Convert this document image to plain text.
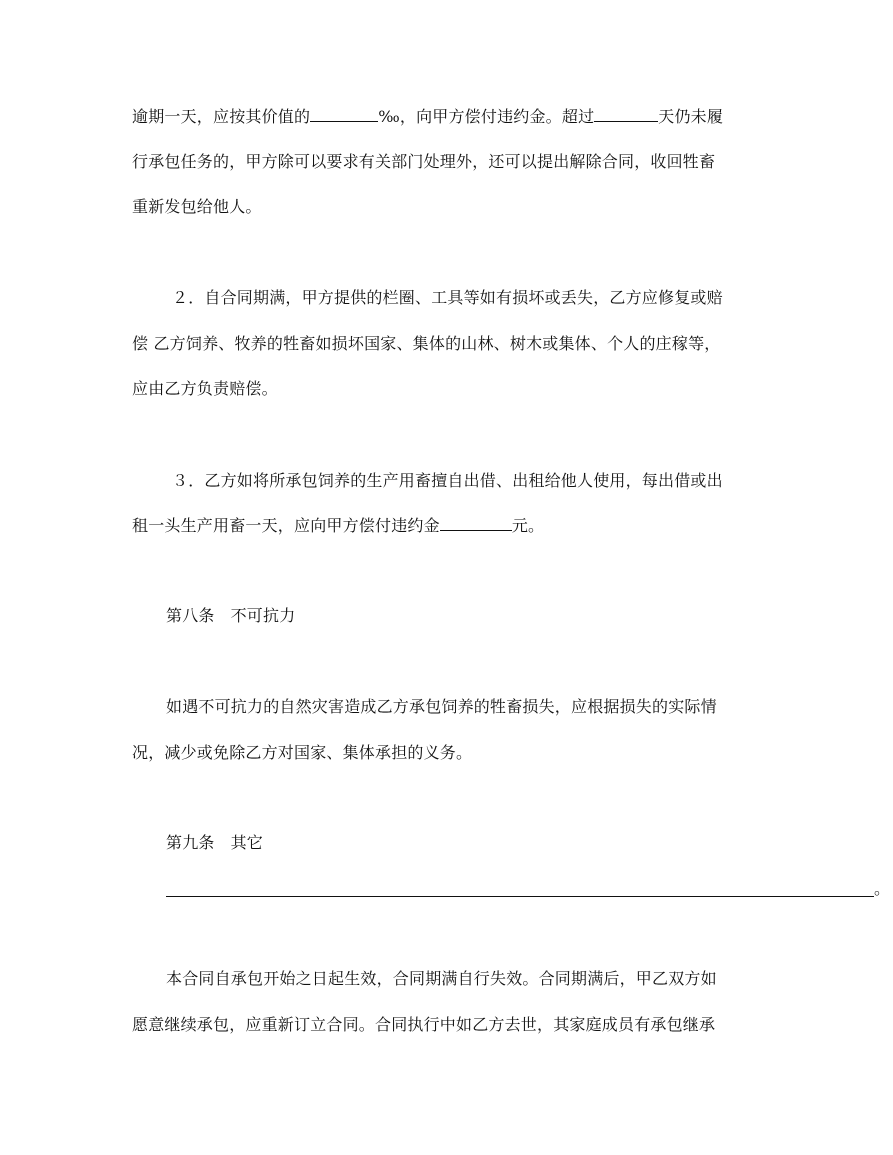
逾期一天，应按其价值的	‰，向甲方偿付违约金。超过	天仍未履
行承包任务的，甲方除可以要求有关部门处理外，还可以提出解除合同，收回牲畜
重新发包给他人。
２．自合同期满，甲方提供的栏圈、工具等如有损坏或丢失，乙方应修复或赔
偿 乙方饲养、牧养的牲畜如损坏国家、集体的山林、树木或集体、个人的庄稼等，
应由乙方负责赔偿。
３．乙方如将所承包饲养的生产用畜擅自出借、出租给他人使用，每出借或出
租一头生产用畜一天，应向甲方偿付违约金	元。
第八条 不可抗力
如遇不可抗力的自然灾害造成乙方承包饲养的牲畜损失，应根据损失的实际情
况，减少或免除乙方对国家、集体承担的义务。
第九条 其它
。
本合同自承包开始之日起生效，合同期满自行失效。合同期满后，甲乙双方如
愿意继续承包，应重新订立合同。合同执行中如乙方去世，其家庭成员有承包继承
